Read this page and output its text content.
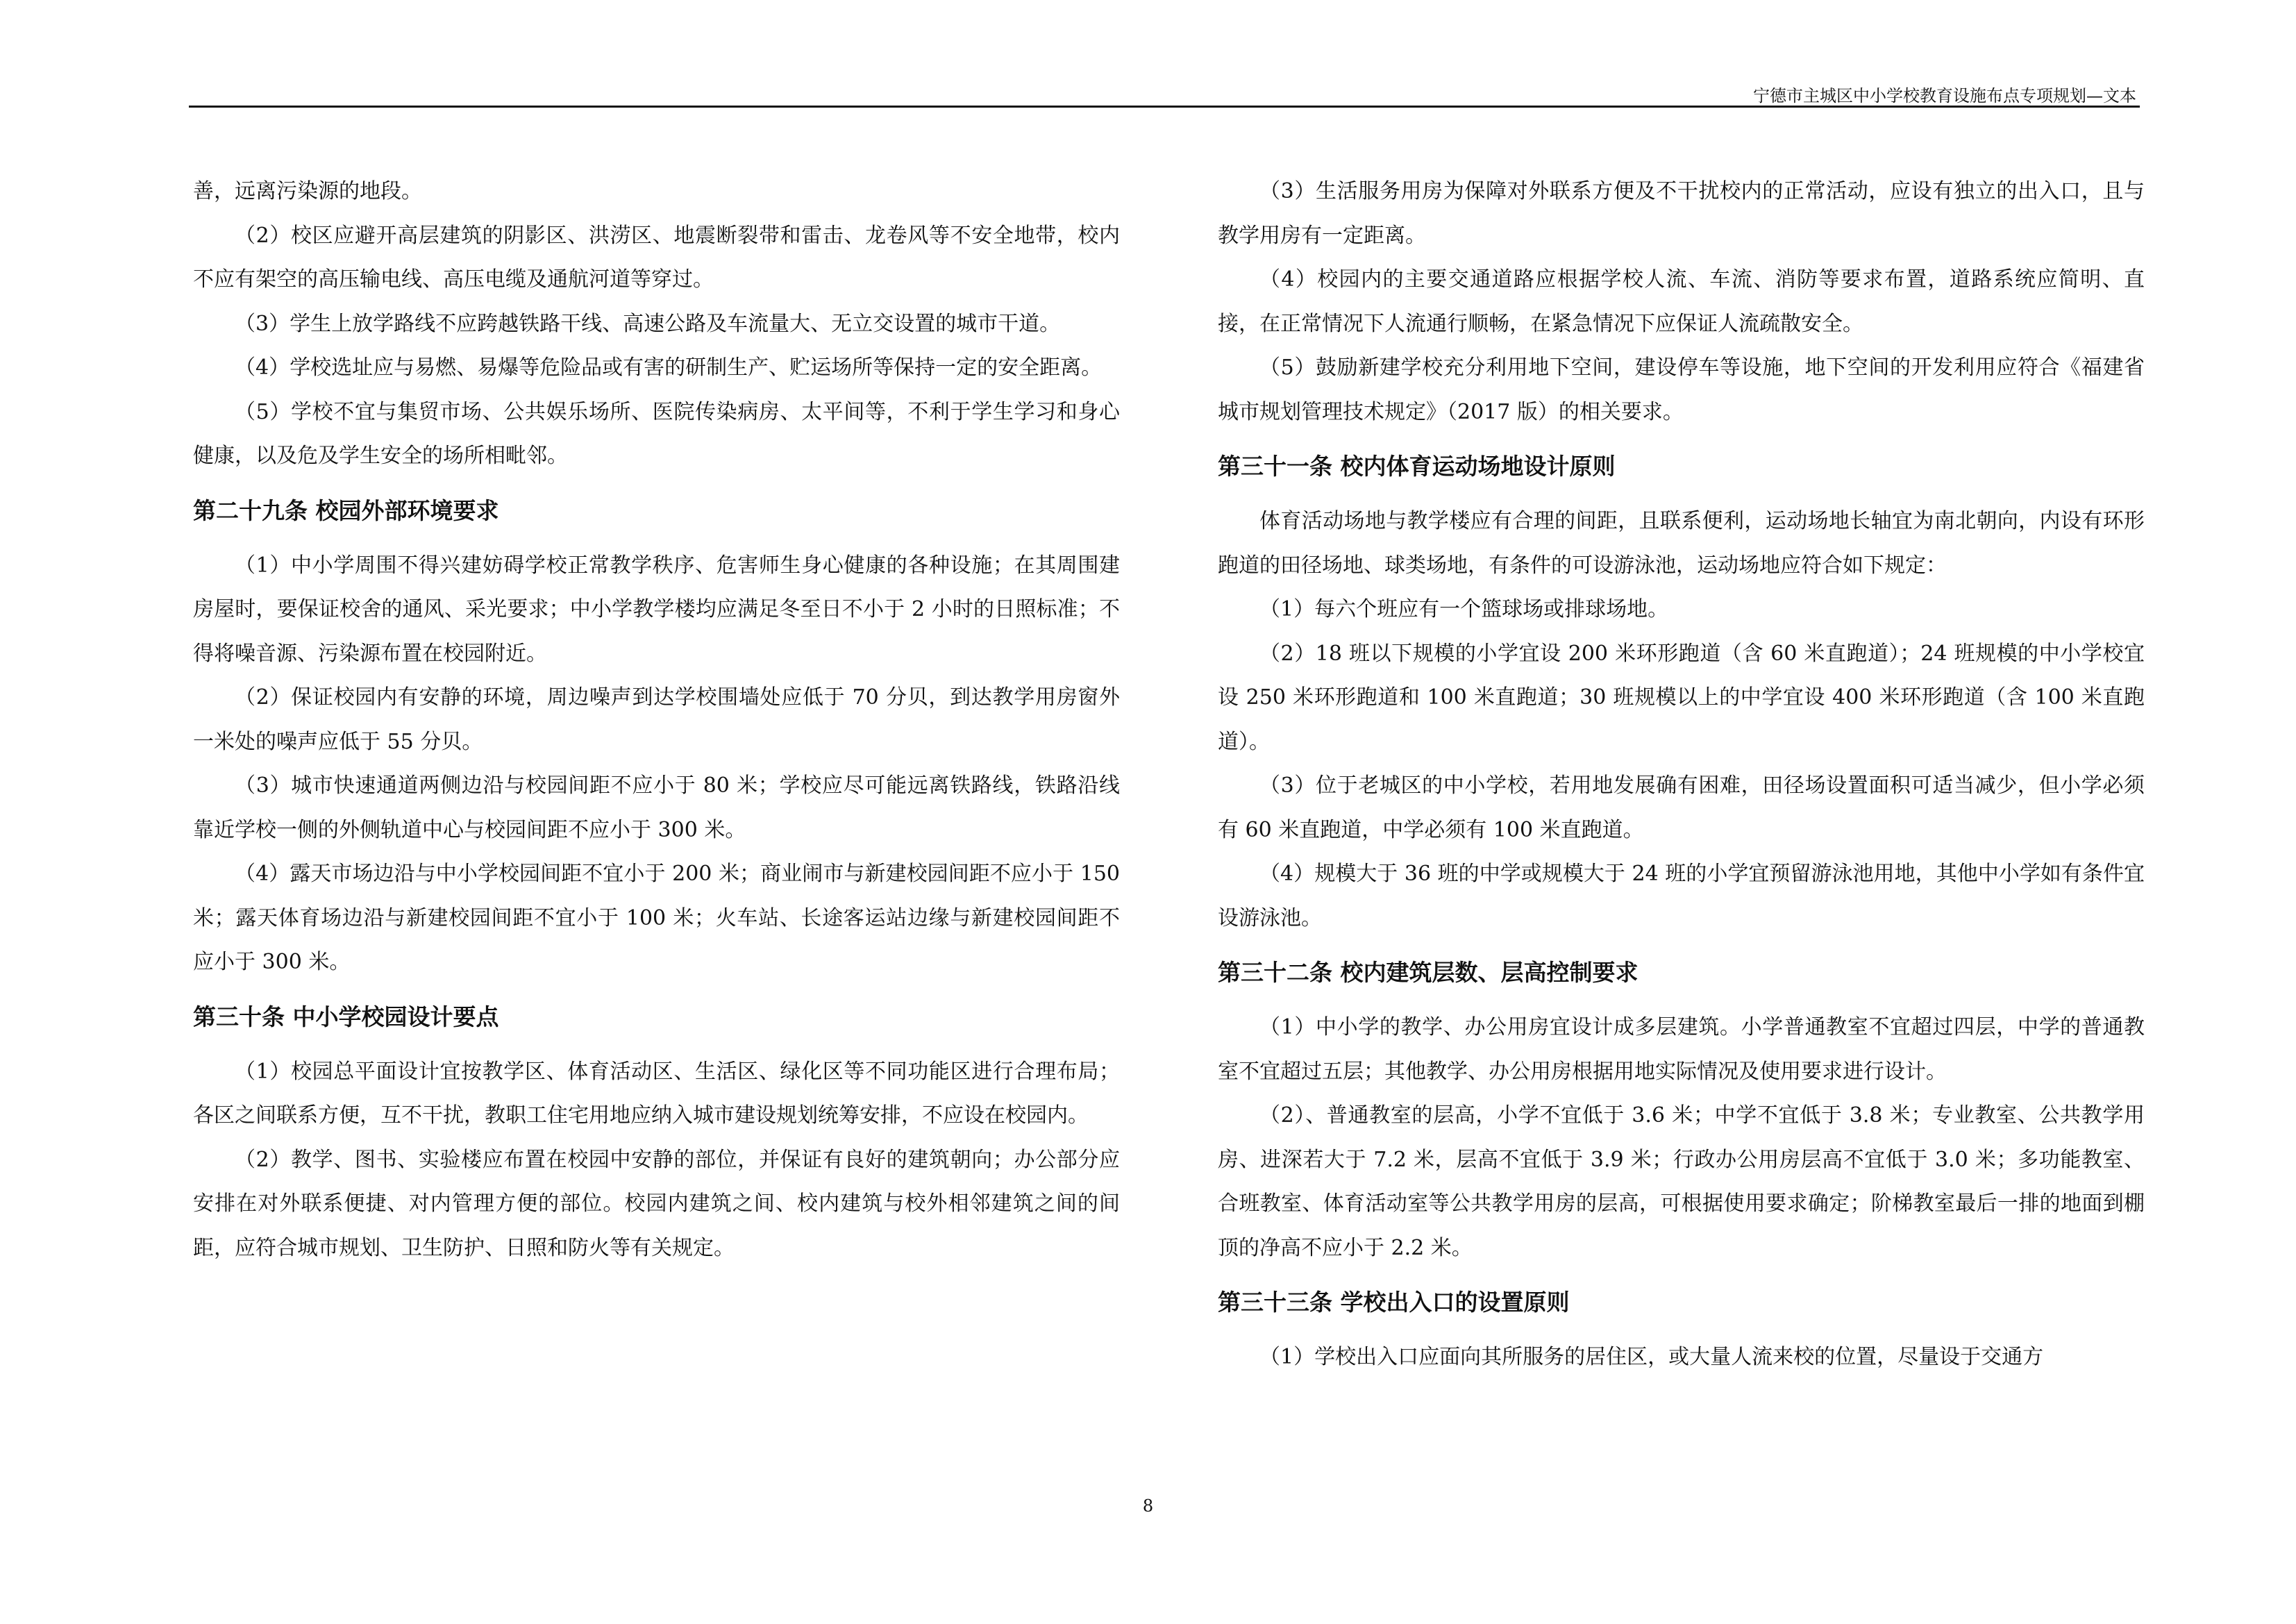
宁德市主城区中小学校教育设施布点专项规划—文本

善，远离污染源的地段。

（2）校区应避开高层建筑的阴影区、洪涝区、地震断裂带和雷击、龙卷风等不安全地带，校内不应有架空的高压输电线、高压电缆及通航河道等穿过。

（3）学生上放学路线不应跨越铁路干线、高速公路及车流量大、无立交设置的城市干道。

（4）学校选址应与易燃、易爆等危险品或有害的研制生产、贮运场所等保持一定的安全距离。

（5）学校不宜与集贸市场、公共娱乐场所、医院传染病房、太平间等，不利于学生学习和身心健康，以及危及学生安全的场所相毗邻。

第二十九条 校园外部环境要求

（1）中小学周围不得兴建妨碍学校正常教学秩序、危害师生身心健康的各种设施；在其周围建房屋时，要保证校舍的通风、采光要求；中小学教学楼均应满足冬至日不小于 2 小时的日照标准；不得将噪音源、污染源布置在校园附近。

（2）保证校园内有安静的环境，周边噪声到达学校围墙处应低于 70 分贝，到达教学用房窗外一米处的噪声应低于 55 分贝。

（3）城市快速通道两侧边沿与校园间距不应小于 80 米；学校应尽可能远离铁路线，铁路沿线靠近学校一侧的外侧轨道中心与校园间距不应小于 300 米。

（4）露天市场边沿与中小学校园间距不宜小于 200 米；商业闹市与新建校园间距不应小于 150 米；露天体育场边沿与新建校园间距不宜小于 100 米；火车站、长途客运站边缘与新建校园间距不应小于 300 米。

第三十条 中小学校园设计要点

（1）校园总平面设计宜按教学区、体育活动区、生活区、绿化区等不同功能区进行合理布局；各区之间联系方便，互不干扰，教职工住宅用地应纳入城市建设规划统筹安排，不应设在校园内。

（2）教学、图书、实验楼应布置在校园中安静的部位，并保证有良好的建筑朝向；办公部分应安排在对外联系便捷、对内管理方便的部位。校园内建筑之间、校内建筑与校外相邻建筑之间的间距，应符合城市规划、卫生防护、日照和防火等有关规定。

（3）生活服务用房为保障对外联系方便及不干扰校内的正常活动，应设有独立的出入口，且与教学用房有一定距离。

（4）校园内的主要交通道路应根据学校人流、车流、消防等要求布置，道路系统应简明、直接，在正常情况下人流通行顺畅，在紧急情况下应保证人流疏散安全。

（5）鼓励新建学校充分利用地下空间，建设停车等设施，地下空间的开发利用应符合《福建省城市规划管理技术规定》（2017 版）的相关要求。

第三十一条 校内体育运动场地设计原则

体育活动场地与教学楼应有合理的间距，且联系便利，运动场地长轴宜为南北朝向，内设有环形跑道的田径场地、球类场地，有条件的可设游泳池，运动场地应符合如下规定：

（1）每六个班应有一个篮球场或排球场地。

（2）18 班以下规模的小学宜设 200 米环形跑道（含 60 米直跑道）；24 班规模的中小学校宜设 250 米环形跑道和 100 米直跑道；30 班规模以上的中学宜设 400 米环形跑道（含 100 米直跑道）。

（3）位于老城区的中小学校，若用地发展确有困难，田径场设置面积可适当减少，但小学必须有 60 米直跑道，中学必须有 100 米直跑道。

（4）规模大于 36 班的中学或规模大于 24 班的小学宜预留游泳池用地，其他中小学如有条件宜设游泳池。

第三十二条 校内建筑层数、层高控制要求

（1）中小学的教学、办公用房宜设计成多层建筑。小学普通教室不宜超过四层，中学的普通教室不宜超过五层；其他教学、办公用房根据用地实际情况及使用要求进行设计。

（2）、普通教室的层高，小学不宜低于 3.6 米；中学不宜低于 3.8 米；专业教室、公共教学用房、进深若大于 7.2 米，层高不宜低于 3.9 米；行政办公用房层高不宜低于 3.0 米；多功能教室、合班教室、体育活动室等公共教学用房的层高，可根据使用要求确定；阶梯教室最后一排的地面到棚顶的净高不应小于 2.2 米。

第三十三条 学校出入口的设置原则

（1）学校出入口应面向其所服务的居住区，或大量人流来校的位置，尽量设于交通方

8
